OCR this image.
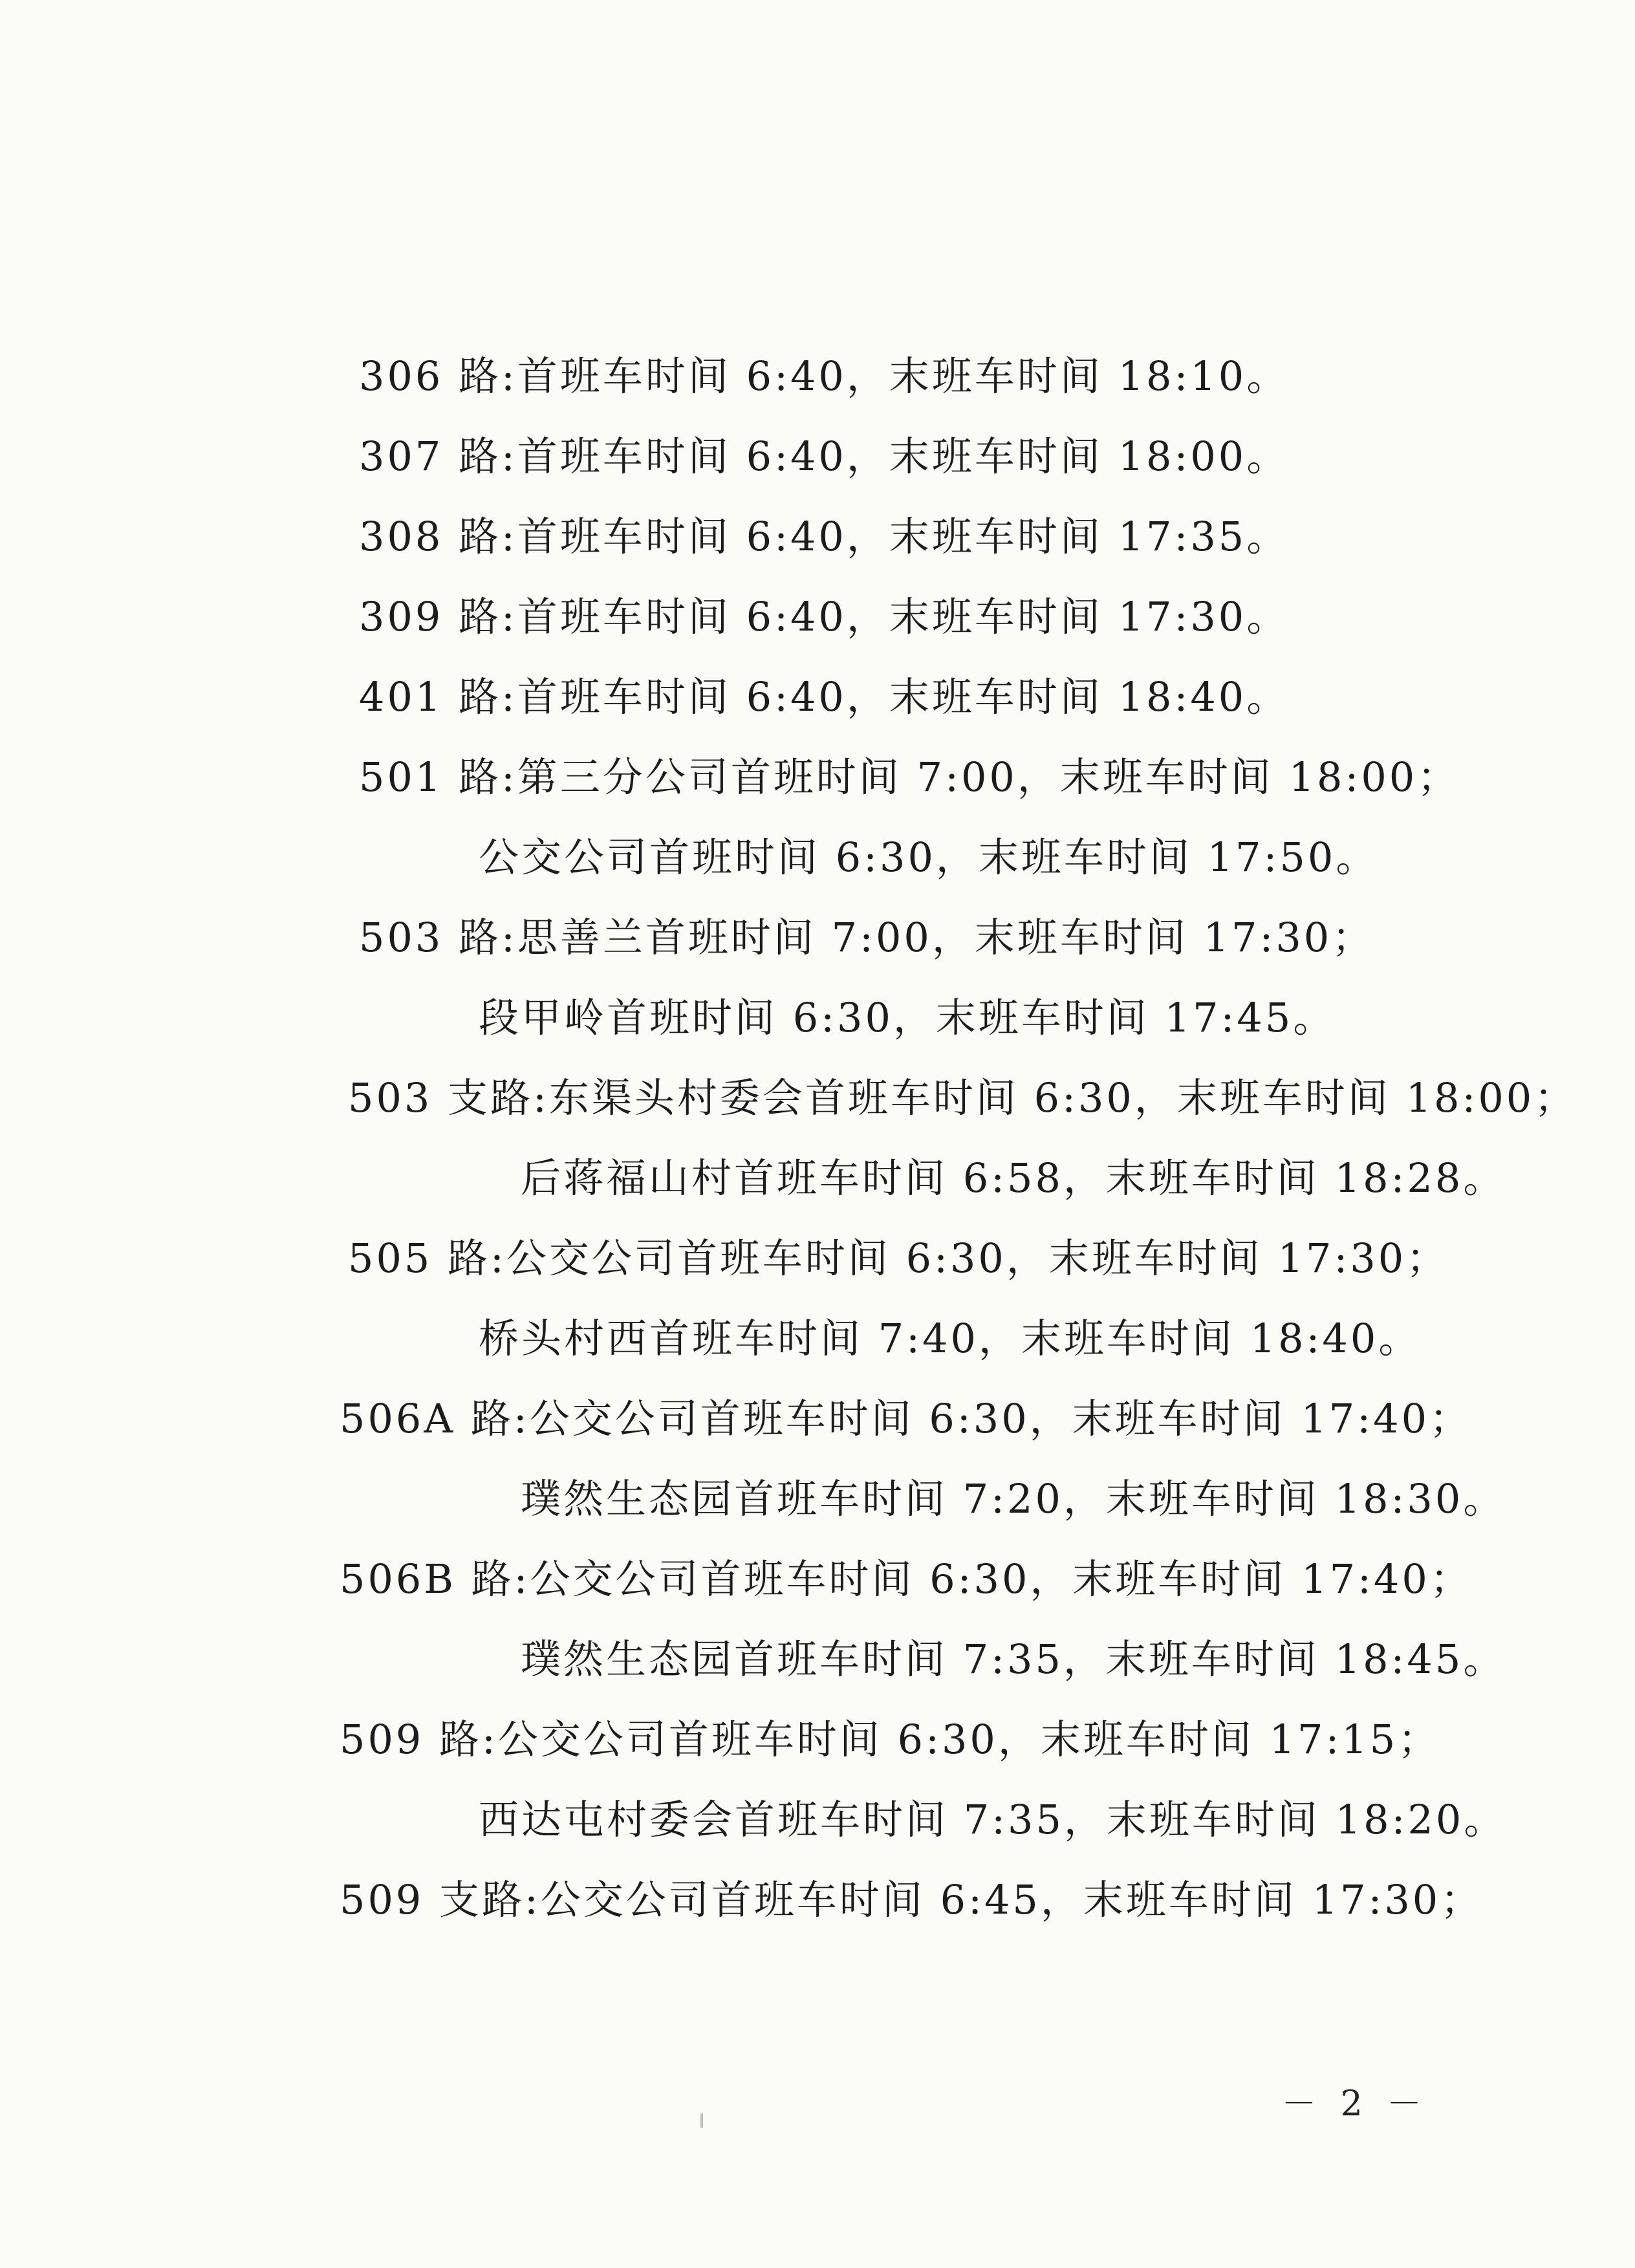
306 路:首班车时间 6:40，末班车时间 18:10。
307 路:首班车时间 6:40，末班车时间 18:00。
308 路:首班车时间 6:40，末班车时间 17:35。
309 路:首班车时间 6:40，末班车时间 17:30。
401 路:首班车时间 6:40，末班车时间 18:40。
501 路:第三分公司首班时间 7:00，末班车时间 18:00；
公交公司首班时间 6:30，末班车时间 17:50。
503 路:思善兰首班时间 7:00，末班车时间 17:30；
段甲岭首班时间 6:30，末班车时间 17:45。
503 支路:东渠头村委会首班车时间 6:30，末班车时间 18:00；
后蒋福山村首班车时间 6:58，末班车时间 18:28。
505 路:公交公司首班车时间 6:30，末班车时间 17:30；
桥头村西首班车时间 7:40，末班车时间 18:40。
506A 路:公交公司首班车时间 6:30，末班车时间 17:40；
璞然生态园首班车时间 7:20，末班车时间 18:30。
506B 路:公交公司首班车时间 6:30，末班车时间 17:40；
璞然生态园首班车时间 7:35，末班车时间 18:45。
509 路:公交公司首班车时间 6:30，末班车时间 17:15；
西达屯村委会首班车时间 7:35，末班车时间 18:20。
509 支路:公交公司首班车时间 6:45，末班车时间 17:30；
－ 2 －
